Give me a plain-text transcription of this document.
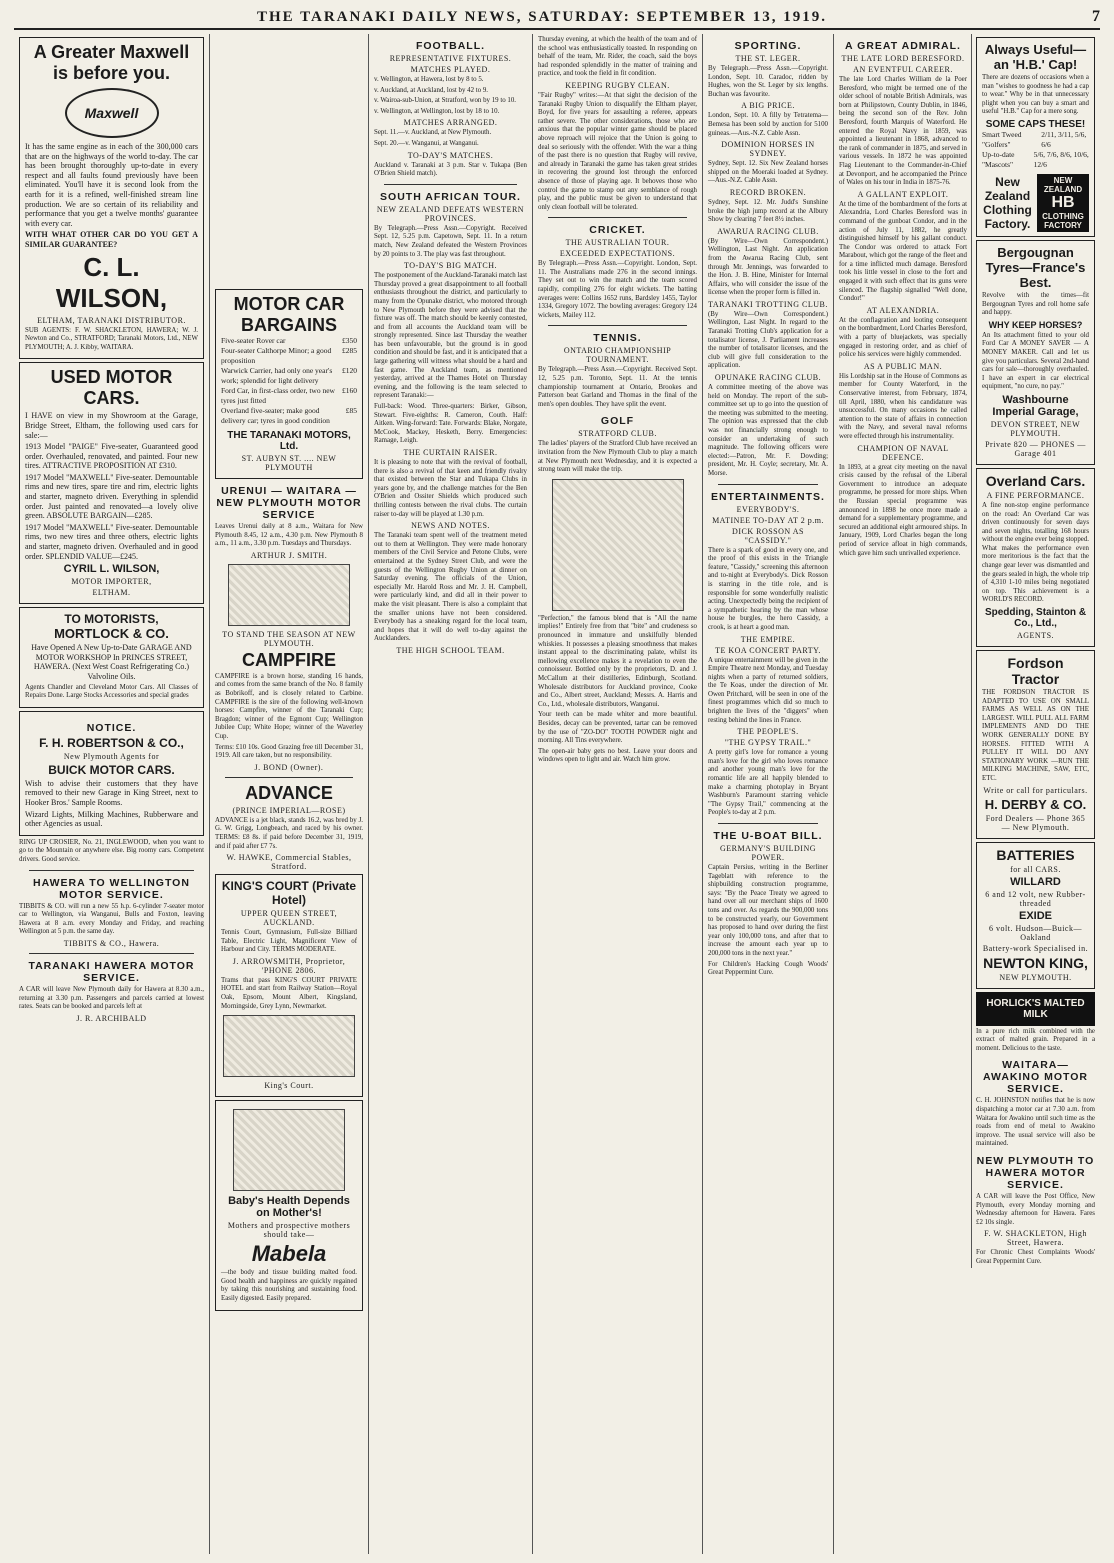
THE TARANAKI DAILY NEWS, SATURDAY: SEPTEMBER 13, 1919.	7
A Greater Maxwell is before you.
Maxwell
It has the same engine as in each of the 300,000 cars that are on the highways of the world to-day. The car has been brought thoroughly up-to-date in every respect and all faults found previously have been eliminated. You'll have it is second look from the earth for it is a refined, well-finished stream line production. We are so certain of its reliability and performance that you get a twelve months' guarantee with every car.
WITH WHAT OTHER CAR DO YOU GET A SIMILAR GUARANTEE?
C. L. WILSON,
ELTHAM, TARANAKI DISTRIBUTOR.
SUB AGENTS: F. W. SHACKLETON, HAWERA; W. J. Newton and Co., STRATFORD; Taranaki Motors, Ltd., NEW PLYMOUTH; A. J. Kibby, WAITARA.
USED MOTOR CARS.
I HAVE on view in my Showroom at the Garage, Bridge Street, Eltham, the following used cars for sale:—
1913 Model "PAIGE" Five-seater, Guaranteed good order. Overhauled, renovated, and painted. Four new tires. ATTRACTIVE PROPOSITION AT £310.
1917 Model "MAXWELL" Five-seater. Demountable rims and new tires, spare tire and rim, electric lights and starter, magneto driven. Everything in splendid order. Just painted and renovated—a lovely olive green. ABSOLUTE BARGAIN—£285.
1917 Model "MAXWELL" Five-seater. Demountable rims, two new tires and three others, electric lights and starter, magneto driven. Overhauled and in good order. SPLENDID VALUE—£245.
CYRIL L. WILSON,
MOTOR IMPORTER,
ELTHAM.
TO MOTORISTS,
MORTLOCK & CO.
Have Opened A New Up-to-Date GARAGE AND MOTOR WORKSHOP In PRINCES STREET, HAWERA. (Next West Coast Refrigerating Co.) Valvoline Oils.
Agents Chandler and Cleveland Motor Cars. All Classes of Repairs Done. Large Stocks Accessories and special grades
NOTICE.
F. H. ROBERTSON & CO.,
New Plymouth Agents for
BUICK MOTOR CARS.
Wish to advise their customers that they have removed to their new Garage in King Street, next to Hooker Bros.' Sample Rooms.
Wizard Lights, Milking Machines, Rubberware and other Agencies as usual.
RING UP CROSIER, No. 21, INGLEWOOD, when you want to go to the Mountain or anywhere else. Big roomy cars. Competent drivers. Good service.
HAWERA TO WELLINGTON MOTOR SERVICE.
TIBBITS & CO. will run a new 55 h.p. 6-cylinder 7-seater motor car to Wellington, via Wanganui, Bulls and Foxton, leaving Hawera at 8 a.m. every Monday and Friday, and reaching Wellington at 5 p.m. the same day.
TIBBITS & CO., Hawera.
TARANAKI HAWERA MOTOR SERVICE.
A CAR will leave New Plymouth daily for Hawera at 8.30 a.m., returning at 3.30 p.m. Passengers and parcels carried at lowest rates. Seats can be booked and parcels left at
J. R. ARCHIBALD
MOTOR CAR BARGAINS
Five-seater Rover car	£350
Four-seater Calthorpe Minor; a good proposition
£285
Warwick Carrier, had only one year's work; splendid for light delivery
£120
Ford Car, in first-class order, two new tyres just fitted
£160
Overland five-seater; make good delivery car; tyres in good condition
£85
THE TARANAKI MOTORS, Ltd.
ST. AUBYN ST. .... NEW PLYMOUTH
URENUI — WAITARA — NEW PLYMOUTH MOTOR SERVICE
Leaves Urenui daily at 8 a.m., Waitara for New Plymouth 8.45, 12 a.m., 4.30 p.m. New Plymouth 8 a.m., 11 a.m., 3.30 p.m. Tuesdays and Thursdays.
ARTHUR J. SMITH.
TO STAND THE SEASON AT NEW PLYMOUTH.
CAMPFIRE
CAMPFIRE is a brown horse, standing 16 hands, and comes from the same branch of the No. 8 family as Bobrikoff, and is closely related to Carbine. CAMPFIRE is the sire of the following well-known horses: Campfire, winner of the Taranaki Cup; Bragdon; winner of the Egmont Cup; Wellington Jubilee Cup; White Hope; winner of the Waverley Cup.
Terms: £10 10s. Good Grazing free till December 31, 1919. All care taken, but no responsibility.
J. BOND (Owner).
ADVANCE
(PRINCE IMPERIAL—ROSE)
ADVANCE is a jet black, stands 16.2, was bred by J. G. W. Grigg, Longbeach, and raced by his owner. TERMS: £8 8s. if paid before December 31, 1919, and if paid after £7 7s.
W. HAWKE, Commercial Stables, Stratford.
KING'S COURT (Private Hotel)
UPPER QUEEN STREET, AUCKLAND.
Tennis Court, Gymnasium, Full-size Billiard Table, Electric Light, Magnificent View of Harbour and City. TERMS MODERATE.
J. ARROWSMITH, Proprietor, 'PHONE 2806.
Trams that pass KING'S COURT PRIVATE HOTEL and start from Railway Station—Royal Oak, Epsom, Mount Albert, Kingsland, Morningside, Grey Lynn, Newmarket.
King's Court.
Baby's Health Depends on Mother's!
Mothers and prospective mothers should take—
Mabela
—the body and tissue building malted food. Good health and happiness are quickly regained by taking this nourishing and sustaining food. Easily digested. Easily prepared.
FOOTBALL.
REPRESENTATIVE FIXTURES.
MATCHES PLAYED.
v. Wellington, at Hawera, lost by 8 to 5.
v. Auckland, at Auckland, lost by 42 to 9.
v. Wairoa-sub-Union, at Stratford, won by 19 to 10.
v. Wellington, at Wellington, lost by 18 to 10.
MATCHES ARRANGED.
Sept. 11.—v. Auckland, at New Plymouth.
Sept. 20.—v. Wanganui, at Wanganui.
TO-DAY'S MATCHES.
Auckland v. Taranaki at 3 p.m. Star v. Tukapa (Ben O'Brien Shield match).
SOUTH AFRICAN TOUR.
NEW ZEALAND DEFEATS WESTERN PROVINCES.
By Telegraph.—Press Assn.—Copyright. Received Sept. 12, 5.25 p.m. Capetown, Sept. 11. In a return match, New Zealand defeated the Western Provinces by 20 points to 3. The play was fast throughout.
TO-DAY'S BIG MATCH.
The postponement of the Auckland-Taranaki match last Thursday proved a great disappointment to all football enthusiasts throughout the district, and particularly to many from the Opunake district, who motored through to New Plymouth before they were advised that the fixture was off. The match should be keenly contested, and from all accounts the Auckland team will be strongly represented. Since last Thursday the weather has been unfavourable, but the ground is in good condition and should be fast, and it is anticipated that a large gathering will witness what should be a hard and fast game. The Auckland team, as mentioned yesterday, arrived at the Thames Hotel on Thursday evening, and the following is the team selected to represent Taranaki:—
Full-back: Wood. Three-quarters: Birker, Gibson, Stewart. Five-eighths: R. Cameron, Couth. Half: Aitken. Wing-forward: Tate. Forwards: Blake, Norgate, McCook, Mackey, Hesketh, Berry. Emergencies: Ramage, Leigh.
THE CURTAIN RAISER.
It is pleasing to note that with the revival of football, there is also a revival of that keen and friendly rivalry that existed between the Star and Tukapa Clubs in years gone by, and the challenge matches for the Ben O'Brien and Ossiter Shields which produced such thrilling contests between the rival clubs. The curtain raiser to-day will be played at 1.30 p.m.
NEWS AND NOTES.
The Taranaki team spent well of the treatment meted out to them at Wellington. They were made honorary members of the Civil Service and Petone Clubs, were entertained at the Sydney Street Club, and were the guests of the Wellington Rugby Union at dinner on Saturday evening. The officials of the Union, especially Mr. Harold Ross and Mr. J. H. Campbell, were particularly kind, and did all in their power to make the visit pleasant. There is also a complaint that the smaller unions have not been considered. Everybody has a sneaking regard for the local team, and hopes that it will do well to-day against the Aucklanders.
THE HIGH SCHOOL TEAM.
Thursday evening, at which the health of the team and of the school was enthusiastically toasted. In responding on behalf of the team, Mr. Rider, the coach, said the boys had responded splendidly in the matter of training and practice, and took the field in fit condition.
KEEPING RUGBY CLEAN.
"Fair Rugby" writes:—At that sight the decision of the Taranaki Rugby Union to disqualify the Eltham player, Boyd, for five years for assaulting a referee, appears rather severe. The other considerations, those who are anxious that the popular winter game should be placed above reproach will rejoice that the Union is going to deal so seriously with the offender. With the war a thing of the past there is no question that Rugby will revive, and already in Taranaki the game has taken great strides in recovering the ground lost through the enforced absence of those of playing age. It behoves those who control the game to stamp out any semblance of rough play, and the public must be given to understand that only clean football will be tolerated.
CRICKET.
THE AUSTRALIAN TOUR.
EXCEEDED EXPECTATIONS.
By Telegraph.—Press Assn.—Copyright. London, Sept. 11. The Australians made 276 in the second innings. They set out to win the match and the team scored rapidly, compiling 276 for eight wickets. The batting averages were: Collins 1652 runs, Bardsley 1455, Taylor 1334, Gregory 1072. The bowling averages: Gregory 124 wickets, Mailey 112.
TENNIS.
ONTARIO CHAMPIONSHIP TOURNAMENT.
By Telegraph.—Press Assn.—Copyright. Received Sept. 12, 5.25 p.m. Toronto, Sept. 11. At the tennis championship tournament at Ontario, Brookes and Patterson beat Garland and Thomas in the final of the men's open doubles. They have split the event.
GOLF
STRATFORD CLUB.
The ladies' players of the Stratford Club have received an invitation from the New Plymouth Club to play a match at New Plymouth next Wednesday, and it is expected a strong team will make the trip.
"Perfection," the famous blend that is "All the name implies!" Entirely free from that "bite" and crudeness so pronounced in immature and unskilfully blended whiskies. It possesses a pleasing smoothness that makes instant appeal to the discriminating palate, whilst its mellowing excellence makes it a revelation to even the connoisseur. Bottled only by the proprietors, D. and J. McCallum at their distilleries, Edinburgh, Scotland. Wholesale distributors for Auckland province, Cooke and Co., Albert street, Auckland; Messrs. A. Harris and Co., Ltd., wholesale distributors, Wanganui.
Your teeth can be made whiter and more beautiful. Besides, decay can be prevented, tartar can be removed by the use of "ZO-DO" TOOTH POWDER night and morning. All Tins everywhere.
The open-air baby gets no best. Leave your doors and windows open to light and air. Watch him grow.
SPORTING.
THE ST. LEGER.
By Telegraph.—Press Assn.—Copyright. London, Sept. 10. Caradoc, ridden by Hughes, won the St. Leger by six lengths. Buchan was favourite.
A BIG PRICE.
London, Sept. 10. A filly by Tetratema—Bemesa has been sold by auction for 5100 guineas.—Aus.-N.Z. Cable Assn.
DOMINION HORSES IN SYDNEY.
Sydney, Sept. 12. Six New Zealand horses shipped on the Moeraki loaded at Sydney.—Aus.-N.Z. Cable Assn.
RECORD BROKEN.
Sydney, Sept. 12. Mr. Judd's Sunshine broke the high jump record at the Albury Show by clearing 7 feet 8½ inches.
AWARUA RACING CLUB.
(By Wire—Own Correspondent.) Wellington, Last Night. An application from the Awarua Racing Club, sent through Mr. Jennings, was forwarded to the Hon. J. B. Hine, Minister for Internal Affairs, who will consider the issue of the license when the proper form is filled in.
TARANAKI TROTTING CLUB.
(By Wire—Own Correspondent.) Wellington, Last Night. In regard to the Taranaki Trotting Club's application for a totalisator license, J. Parliament increases the number of totalisator licenses, and the club will give full consideration to the application.
OPUNAKE RACING CLUB.
A committee meeting of the above was held on Monday. The report of the sub-committee set up to go into the question of the meeting was submitted to the meeting. The opinion was expressed that the club was not financially strong enough to consider an undertaking of such magnitude. The following officers were elected:—Patron, Mr. F. Dowding; president, Mr. H. Coyle; secretary, Mr. A. Morse.
ENTERTAINMENTS.
EVERYBODY'S.
MATINEE TO-DAY AT 2 p.m.
DICK ROSSON AS "CASSIDY."
There is a spark of good in every one, and the proof of this exists in the Triangle feature, "Cassidy," screening this afternoon and to-night at Everybody's. Dick Rosson is starring in the title role, and is responsible for some wonderfully realistic acting. Unexpectedly being the recipient of a sympathetic hearing by the man whose house he burgles, the hero Cassidy, a crook, is at heart a good man.
THE EMPIRE.
TE KOA CONCERT PARTY.
A unique entertainment will be given in the Empire Theatre next Monday, and Tuesday nights when a party of returned soldiers, the Te Koas, under the direction of Mr. Owen Pritchard, will be seen in one of the finest programmes which did so much to brighten the lives of the "diggers" when resting behind the lines in France.
THE PEOPLE'S.
"THE GYPSY TRAIL."
A pretty girl's love for romance a young man's love for the girl who loves romance and another young man's love for the romantic life are all happily blended to make a charming photoplay in Bryant Washburn's Paramount starring vehicle "The Gypsy Trail," commencing at the People's to-day at 2 p.m.
THE U-BOAT BILL.
GERMANY'S BUILDING POWER.
Captain Persius, writing in the Berliner Tageblatt with reference to the shipbuilding construction programme, says: "By the Peace Treaty we agreed to hand over all our merchant ships of 1600 tons and over. As regards the 900,000 tons to be constructed yearly, our Government has proposed to hand over during the first year only 100,000 tons, and after that to increase the amount each year up to 200,000 tons in the next year."
For Children's Hacking Cough Woods' Great Peppermint Cure.
A GREAT ADMIRAL.
THE LATE LORD BERESFORD.
AN EVENTFUL CAREER.
The late Lord Charles William de la Poer Beresford, who might be termed one of the older school of notable British Admirals, was born at Philipstown, County Dublin, in 1846, being the second son of the Rev. John Beresford, fourth Marquis of Waterford. He entered the Royal Navy in 1859, was appointed a lieutenant in 1868, advanced to the rank of commander in 1875, and served in various vessels. In 1872 he was appointed Flag Lieutenant to the Commander-in-Chief at Devonport, and he accompanied the Prince of Wales on his tour in India in 1875-76.
A GALLANT EXPLOIT.
At the time of the bombardment of the forts at Alexandria, Lord Charles Beresford was in command of the gunboat Condor, and in the action of July 11, 1882, he greatly distinguished himself by his gallant conduct. The Condor was ordered to attack Fort Marabout, which got the range of the fleet and for a time inflicted much damage. Beresford took his little vessel in close to the fort and engaged it with such effect that its guns were silenced. The flagship signalled "Well done, Condor!"
AT ALEXANDRIA.
At the conflagration and looting consequent on the bombardment, Lord Charles Beresford, with a party of bluejackets, was specially engaged in restoring order, and as chief of police his services were highly commended.
AS A PUBLIC MAN.
His Lordship sat in the House of Commons as member for County Waterford, in the Conservative interest, from February, 1874, till April, 1880, when his candidature was unsuccessful. On many occasions he called attention to the state of affairs in connection with the Navy, and several naval reforms were effected through his instrumentality.
CHAMPION OF NAVAL DEFENCE.
In 1893, at a great city meeting on the naval crisis caused by the refusal of the Liberal Government to introduce an adequate programme, he pressed for more ships. When the Russian special programme was announced in 1898 he once more made a demand for a supplementary programme, and secured an additional eight armoured ships. In January, 1909, Lord Charles began the long period of service afloat in high commands, which gave him such unrivalled experience.
Always Useful—an 'H.B.' Cap!
There are dozens of occasions when a man "wishes to goodness he had a cap to wear." Why be in that unnecessary plight when you can buy a smart and useful "H.B." Cap for a mere song.
SOME CAPS THESE!
Smart Tweed "Golfers"
2/11, 3/11, 5/6, 6/6
Up-to-date "Mascots"
5/6, 7/6, 8/6, 10/6, 12/6
New Zealand Clothing Factory.
NEW ZEALAND
HB
CLOTHING FACTORY
Bergougnan Tyres—France's Best.
Revolve with the times—fit Bergougnan Tyres and roll home safe and happy.
WHY KEEP HORSES?
An Its attachment fitted to your old Ford Car A MONEY SAVER — A MONEY MAKER. Call and let us give you particulars. Several 2nd-hand cars for sale—thoroughly overhauled. I have an expert in car electrical equipment, "no cure, no pay."
Washbourne Imperial Garage,
DEVON STREET, NEW PLYMOUTH.
Private 820 — PHONES — Garage 401
Overland Cars.
A FINE PERFORMANCE.
A fine non-stop engine performance on the road: An Overland Car was driven continuously for seven days and seven nights, totalling 168 hours without the engine ever being stopped. What makes the performance even more meritorious is the fact that the change gear lever was dismantled and the gears sealed in high, the whole trip of 4,310 1-10 miles being negotiated on top. This achievement is a WORLD'S RECORD.
Spedding, Stainton & Co., Ltd.,
AGENTS.
Fordson Tractor
THE FORDSON TRACTOR IS ADAPTED TO USE ON SMALL FARMS AS WELL AS ON THE LARGEST. WILL PULL ALL FARM IMPLEMENTS AND DO THE WORK GENERALLY DONE BY HORSES. FITTED WITH A PULLEY IT WILL DO ANY STATIONARY WORK —RUN THE MILKING MACHINE, SAW, ETC, ETC.
Write or call for particulars.
H. DERBY & CO.
Ford Dealers — Phone 365 — New Plymouth.
BATTERIES
for all CARS.
WILLARD
6 and 12 volt, new Rubber-threaded
EXIDE
6 volt. Hudson—Buick—Oakland
Battery-work Specialised in.
NEWTON KING,
NEW PLYMOUTH.
HORLICK'S MALTED MILK
In a pure rich milk combined with the extract of malted grain. Prepared in a moment. Delicious to the taste.
WAITARA—AWAKINO MOTOR SERVICE.
C. H. JOHNSTON notifies that he is now dispatching a motor car at 7.30 a.m. from Waitara for Awakino until such time as the roads from end of metal to Awakino improve. The usual service will also be maintained.
NEW PLYMOUTH TO HAWERA MOTOR SERVICE.
A CAR will leave the Post Office, New Plymouth, every Monday morning and Wednesday afternoon for Hawera. Fares £2 10s single.
F. W. SHACKLETON, High Street, Hawera.
For Chronic Chest Complaints Woods' Great Peppermint Cure.
